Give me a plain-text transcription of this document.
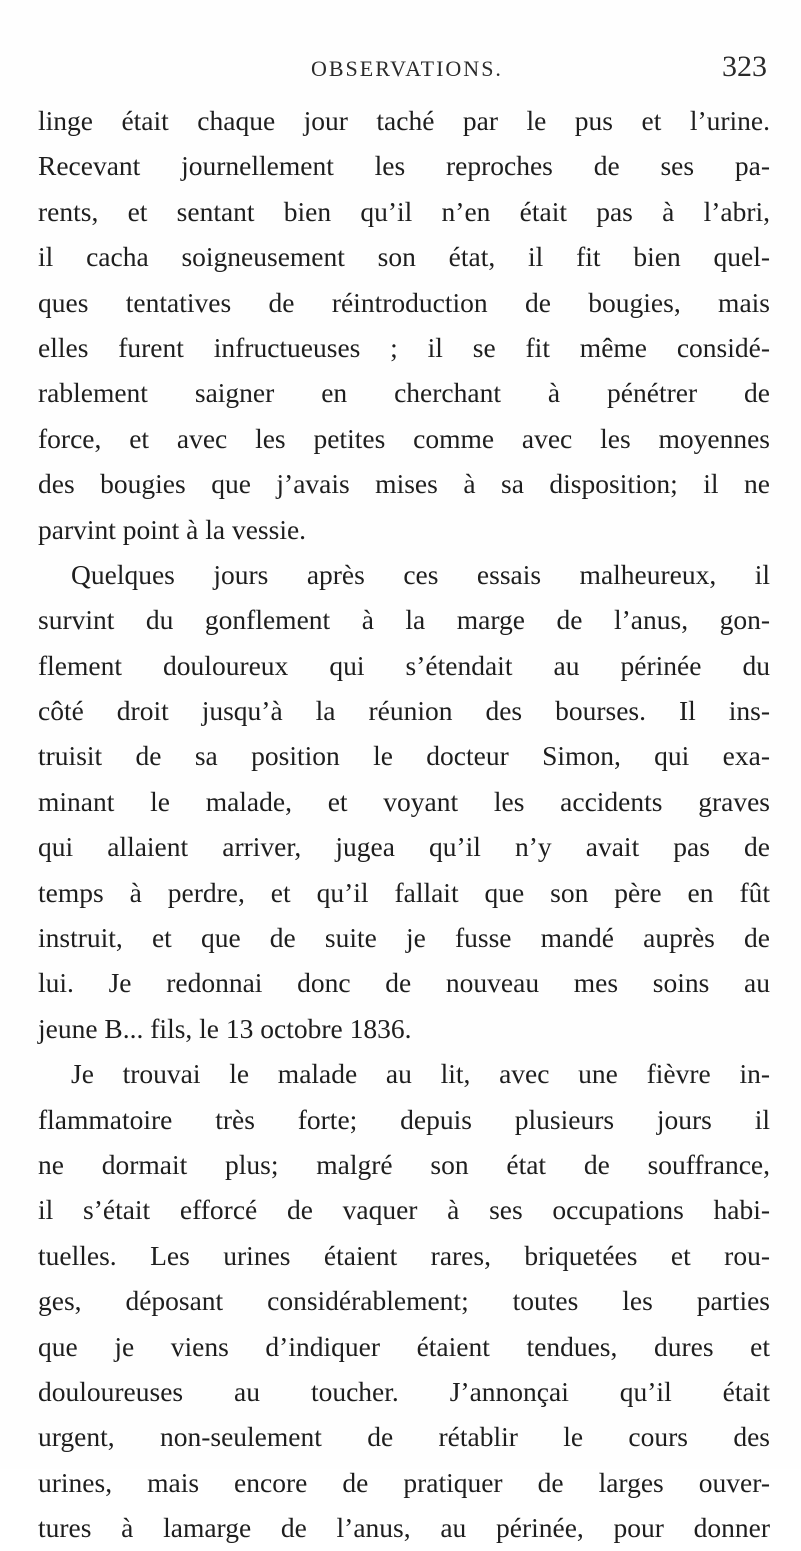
OBSERVATIONS.	323
linge était chaque jour taché par le pus et l’urine.
Recevant journellement les reproches de ses pa-
rents, et sentant bien qu’il n’en était pas à l’abri,
il cacha soigneusement son état, il fit bien quel-
ques tentatives de réintroduction de bougies, mais
elles furent infructueuses ; il se fit même considé-
rablement saigner en cherchant à pénétrer de
force, et avec les petites comme avec les moyennes
des bougies que j’avais mises à sa disposition; il ne
parvint point à la vessie.
Quelques jours après ces essais malheureux, il
survint du gonflement à la marge de l’anus, gon-
flement douloureux qui s’étendait au périnée du
côté droit jusqu’à la réunion des bourses. Il ins-
truisit de sa position le docteur Simon, qui exa-
minant le malade, et voyant les accidents graves
qui allaient arriver, jugea qu’il n’y avait pas de
temps à perdre, et qu’il fallait que son père en fût
instruit, et que de suite je fusse mandé auprès de
lui. Je redonnai donc de nouveau mes soins au
jeune B... fils, le 13 octobre 1836.
Je trouvai le malade au lit, avec une fièvre in-
flammatoire très forte; depuis plusieurs jours il
ne dormait plus; malgré son état de souffrance,
il s’était efforcé de vaquer à ses occupations habi-
tuelles. Les urines étaient rares, briquetées et rou-
ges, déposant considérablement; toutes les parties
que je viens d’indiquer étaient tendues, dures et
douloureuses au toucher. J’annonçai qu’il était
urgent, non-seulement de rétablir le cours des
urines, mais encore de pratiquer de larges ouver-
tures à lamarge de l’anus, au périnée, pour donner
